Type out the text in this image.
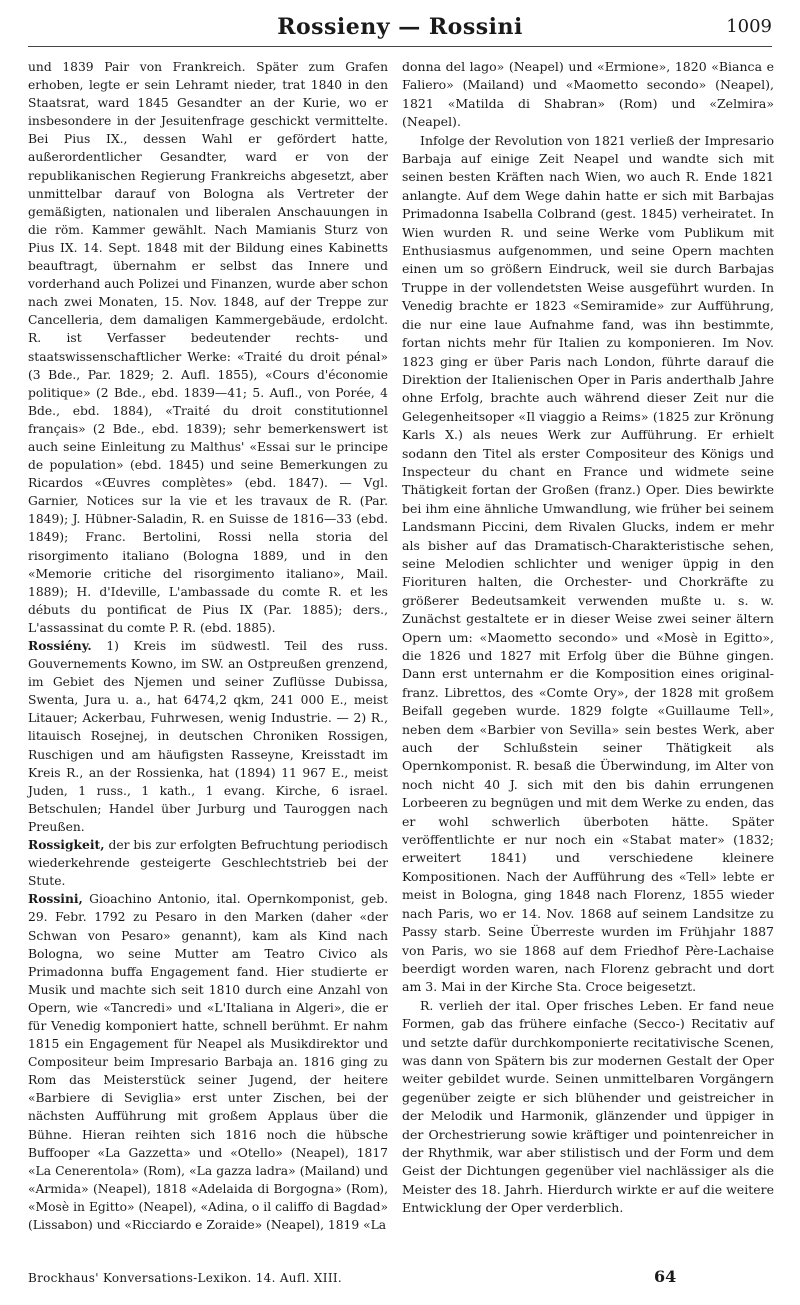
Rossieny — Rossini	1009

und 1839 Pair von Frankreich. Später zum Grafen erhoben, legte er sein Lehramt nieder, trat 1840 in den Staatsrat, ward 1845 Gesandter an der Kurie, wo er insbesondere in der Jesuitenfrage geschickt vermittelte. Bei Pius IX., dessen Wahl er gefördert hatte, außerordentlicher Gesandter, ward er von der republikanischen Regierung Frankreichs abgesetzt, aber unmittelbar darauf von Bologna als Vertreter der gemäßigten, nationalen und liberalen Anschauungen in die röm. Kammer gewählt. Nach Mamianis Sturz von Pius IX. 14. Sept. 1848 mit der Bildung eines Kabinetts beauftragt, übernahm er selbst das Innere und vorderhand auch Polizei und Finanzen, wurde aber schon nach zwei Monaten, 15. Nov. 1848, auf der Treppe zur Cancelleria, dem damaligen Kammergebäude, erdolcht. R. ist Verfasser bedeutender rechts- und staatswissenschaftlicher Werke: «Traité du droit pénal» (3 Bde., Par. 1829; 2. Aufl. 1855), «Cours d'économie politique» (2 Bde., ebd. 1839—41; 5. Aufl., von Porée, 4 Bde., ebd. 1884), «Traité du droit constitutionnel français» (2 Bde., ebd. 1839); sehr bemerkenswert ist auch seine Einleitung zu Malthus' «Essai sur le principe de population» (ebd. 1845) und seine Bemerkungen zu Ricardos «Œuvres complètes» (ebd. 1847). — Vgl. Garnier, Notices sur la vie et les travaux de R. (Par. 1849); J. Hübner-Saladin, R. en Suisse de 1816—33 (ebd. 1849); Franc. Bertolini, Rossi nella storia del risorgimento italiano (Bologna 1889, und in den «Memorie critiche del risorgimento italiano», Mail. 1889); H. d'Ideville, L'ambassade du comte R. et les débuts du pontificat de Pius IX (Par. 1885); ders., L'assassinat du comte P. R. (ebd. 1885).

Rossiény. 1) Kreis im südwestl. Teil des russ. Gouvernements Kowno, im SW. an Ostpreußen grenzend, im Gebiet des Njemen und seiner Zuflüsse Dubissa, Swenta, Jura u. a., hat 6474,2 qkm, 241 000 E., meist Litauer; Ackerbau, Fuhrwesen, wenig Industrie. — 2) R., litauisch Rosejnej, in deutschen Chroniken Rossigen, Ruschigen und am häufigsten Rasseyne, Kreisstadt im Kreis R., an der Rossienka, hat (1894) 11 967 E., meist Juden, 1 russ., 1 kath., 1 evang. Kirche, 6 israel. Betschulen; Handel über Jurburg und Tauroggen nach Preußen.

Rossigkeit, der bis zur erfolgten Befruchtung periodisch wiederkehrende gesteigerte Geschlechtstrieb bei der Stute.

Rossini, Gioachino Antonio, ital. Opernkomponist, geb. 29. Febr. 1792 zu Pesaro in den Marken (daher «der Schwan von Pesaro» genannt), kam als Kind nach Bologna, wo seine Mutter am Teatro Civico als Primadonna buffa Engagement fand. Hier studierte er Musik und machte sich seit 1810 durch eine Anzahl von Opern, wie «Tancredi» und «L'Italiana in Algeri», die er für Venedig komponiert hatte, schnell berühmt. Er nahm 1815 ein Engagement für Neapel als Musikdirektor und Compositeur beim Impresario Barbaja an. 1816 ging zu Rom das Meisterstück seiner Jugend, der heitere «Barbiere di Seviglia» erst unter Zischen, bei der nächsten Aufführung mit großem Applaus über die Bühne. Hieran reihten sich 1816 noch die hübsche Buffooper «La Gazzetta» und «Otello» (Neapel), 1817 «La Cenerentola» (Rom), «La gazza ladra» (Mailand) und «Armida» (Neapel), 1818 «Adelaida di Borgogna» (Rom), «Mosè in Egitto» (Neapel), «Adina, o il califfo di Bagdad» (Lissabon) und «Ricciardo e Zoraide» (Neapel), 1819 «La

donna del lago» (Neapel) und «Ermione», 1820 «Bianca e Faliero» (Mailand) und «Maometto secondo» (Neapel), 1821 «Matilda di Shabran» (Rom) und «Zelmira» (Neapel).

Infolge der Revolution von 1821 verließ der Impresario Barbaja auf einige Zeit Neapel und wandte sich mit seinen besten Kräften nach Wien, wo auch R. Ende 1821 anlangte. Auf dem Wege dahin hatte er sich mit Barbajas Primadonna Isabella Colbrand (gest. 1845) verheiratet. In Wien wurden R. und seine Werke vom Publikum mit Enthusiasmus aufgenommen, und seine Opern machten einen um so größern Eindruck, weil sie durch Barbajas Truppe in der vollendetsten Weise ausgeführt wurden. In Venedig brachte er 1823 «Semiramide» zur Aufführung, die nur eine laue Aufnahme fand, was ihn bestimmte, fortan nichts mehr für Italien zu komponieren. Im Nov. 1823 ging er über Paris nach London, führte darauf die Direktion der Italienischen Oper in Paris anderthalb Jahre ohne Erfolg, brachte auch während dieser Zeit nur die Gelegenheitsoper «Il viaggio a Reims» (1825 zur Krönung Karls X.) als neues Werk zur Aufführung. Er erhielt sodann den Titel als erster Compositeur des Königs und Inspecteur du chant en France und widmete seine Thätigkeit fortan der Großen (franz.) Oper. Dies bewirkte bei ihm eine ähnliche Umwandlung, wie früher bei seinem Landsmann Piccini, dem Rivalen Glucks, indem er mehr als bisher auf das Dramatisch-Charakteristische sehen, seine Melodien schlichter und weniger üppig in den Fiorituren halten, die Orchester- und Chorkräfte zu größerer Bedeutsamkeit verwenden mußte u. s. w. Zunächst gestaltete er in dieser Weise zwei seiner ältern Opern um: «Maometto secondo» und «Mosè in Egitto», die 1826 und 1827 mit Erfolg über die Bühne gingen. Dann erst unternahm er die Komposition eines original-franz. Librettos, des «Comte Ory», der 1828 mit großem Beifall gegeben wurde. 1829 folgte «Guillaume Tell», neben dem «Barbier von Sevilla» sein bestes Werk, aber auch der Schlußstein seiner Thätigkeit als Opernkomponist. R. besaß die Überwindung, im Alter von noch nicht 40 J. sich mit den bis dahin errungenen Lorbeeren zu begnügen und mit dem Werke zu enden, das er wohl schwerlich überboten hätte. Später veröffentlichte er nur noch ein «Stabat mater» (1832; erweitert 1841) und verschiedene kleinere Kompositionen. Nach der Aufführung des «Tell» lebte er meist in Bologna, ging 1848 nach Florenz, 1855 wieder nach Paris, wo er 14. Nov. 1868 auf seinem Landsitze zu Passy starb. Seine Überreste wurden im Frühjahr 1887 von Paris, wo sie 1868 auf dem Friedhof Père-Lachaise beerdigt worden waren, nach Florenz gebracht und dort am 3. Mai in der Kirche Sta. Croce beigesetzt.

R. verlieh der ital. Oper frisches Leben. Er fand neue Formen, gab das frühere einfache (Secco-) Recitativ auf und setzte dafür durchkomponierte recitativische Scenen, was dann von Spätern bis zur modernen Gestalt der Oper weiter gebildet wurde. Seinen unmittelbaren Vorgängern gegenüber zeigte er sich blühender und geistreicher in der Melodik und Harmonik, glänzender und üppiger in der Orchestrierung sowie kräftiger und pointenreicher in der Rhythmik, war aber stilistisch und der Form und dem Geist der Dichtungen gegenüber viel nachlässiger als die Meister des 18. Jahrh. Hierdurch wirkte er auf die weitere Entwicklung der Oper verderblich.

Brockhaus' Konversations-Lexikon. 14. Aufl. XIII.	64
